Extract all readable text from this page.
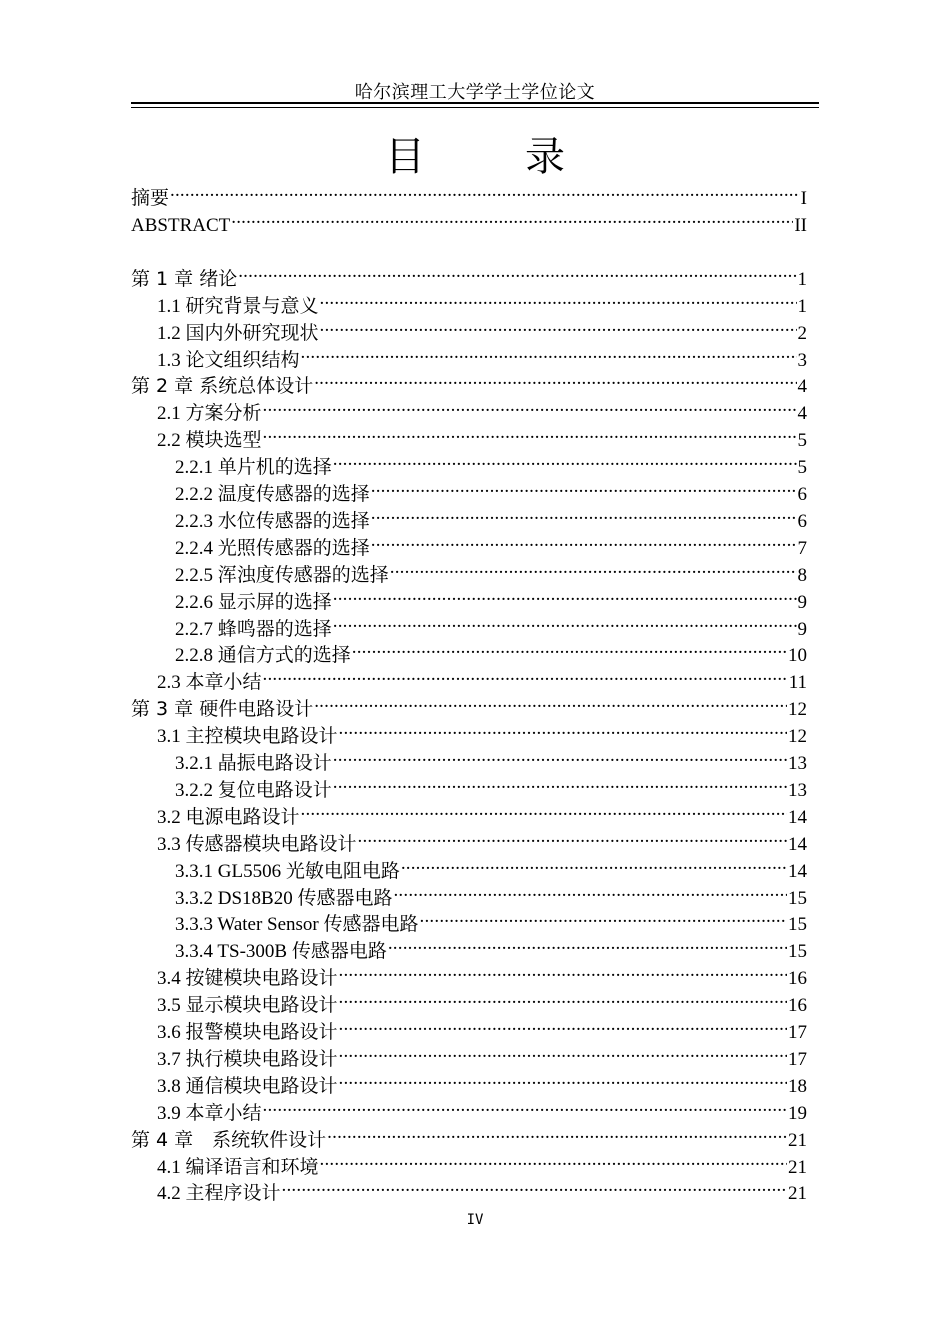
哈尔滨理工大学学士学位论文
目　录
摘要 .....	I
ABSTRACT .....	II
第 1 章 绪论 .....	1
1.1 研究背景与意义 .....	1
1.2 国内外研究现状 .....	2
1.3 论文组织结构 .....	3
第 2 章 系统总体设计 .....	4
2.1 方案分析 .....	4
2.2 模块选型 .....	5
2.2.1 单片机的选择 .....	5
2.2.2 温度传感器的选择 .....	6
2.2.3 水位传感器的选择 .....	6
2.2.4 光照传感器的选择 .....	7
2.2.5 浑浊度传感器的选择 .....	8
2.2.6 显示屏的选择 .....	9
2.2.7 蜂鸣器的选择 .....	9
2.2.8 通信方式的选择 .....	10
2.3 本章小结 .....	11
第 3 章 硬件电路设计 .....	12
3.1 主控模块电路设计 .....	12
3.2.1 晶振电路设计 .....	13
3.2.2 复位电路设计 .....	13
3.2 电源电路设计 .....	14
3.3 传感器模块电路设计 .....	14
3.3.1 GL5506 光敏电阻电路 .....	14
3.3.2 DS18B20 传感器电路 .....	15
3.3.3 Water Sensor 传感器电路 .....	15
3.3.4 TS-300B 传感器电路 .....	15
3.4 按键模块电路设计 .....	16
3.5 显示模块电路设计 .....	16
3.6 报警模块电路设计 .....	17
3.7 执行模块电路设计 .....	17
3.8 通信模块电路设计 .....	18
3.9 本章小结 .....	19
第 4 章　系统软件设计 .....	21
4.1 编译语言和环境 .....	21
4.2 主程序设计 .....	21
IV
